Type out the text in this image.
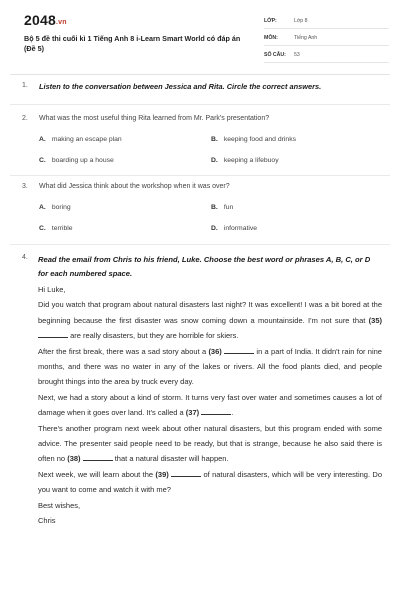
2048.vn
Bộ 5 đề thi cuối kì 1 Tiếng Anh 8 i-Learn Smart World có đáp án (Đề 5)
LỚP:	Lớp 8
MÔN:	Tiếng Anh
SỐ CÂU: 53
1. Listen to the conversation between Jessica and Rita. Circle the correct answers.
2. What was the most useful thing Rita learned from Mr. Park's presentation?
A. making an escape plan	B. keeping food and drinks
C. boarding up a house	D. keeping a lifebuoy
3. What did Jessica think about the workshop when it was over?
A. boring	B. fun
C. terrible	D. informative
4. Read the email from Chris to his friend, Luke. Choose the best word or phrases A, B, C, or D for each numbered space.

Hi Luke,

Did you watch that program about natural disasters last night? It was excellent! I was a bit bored at the beginning because the first disaster was snow coming down a mountainside. I'm not sure that (35)  are really disasters, but they are horrible for skiers.

After the first break, there was a sad story about a (36)	in a part of India. It didn't rain for nine months, and there was no water in any of the lakes or rivers. All the food plants died, and people brought things into the area by truck every day.

Next, we had a story about a kind of storm. It turns very fast over water and sometimes causes a lot of damage when it goes over land. It's called a (37)	.

There's another program next week about other natural disasters, but this program ended with some advice. The presenter said people need to be ready, but that is strange, because he also said there is often no (38)	that a natural disaster will happen.

Next week, we will learn about the (39)	of natural disasters, which will be very interesting. Do you want to come and watch it with me?

Best wishes,

Chris
